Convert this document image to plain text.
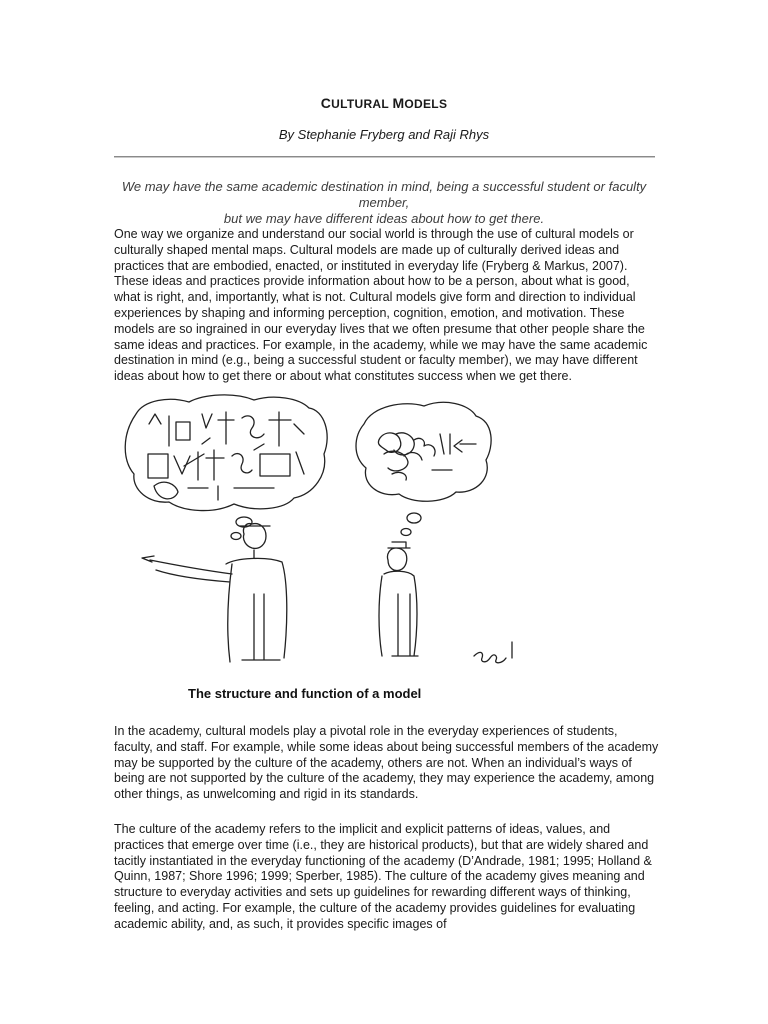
CULTURAL MODELS
By Stephanie Fryberg and Raji Rhys
We may have the same academic destination in mind, being a successful student or faculty member,
but we may have different ideas about how to get there.

One way we organize and understand our social world is through the use of cultural models or culturally shaped mental maps. Cultural models are made up of culturally derived ideas and practices that are embodied, enacted, or instituted in everyday life (Fryberg & Markus, 2007). These ideas and practices provide information about how to be a person, about what is good, what is right, and, importantly, what is not. Cultural models give form and direction to individual experiences by shaping and informing perception, cognition, emotion, and motivation. These models are so ingrained in our everyday lives that we often presume that other people share the same ideas and practices. For example, in the academy, while we may have the same academic destination in mind (e.g., being a successful student or faculty member), we may have different ideas about how to get there or about what constitutes success when we get there.

The structure and function of a model

In the academy, cultural models play a pivotal role in the everyday experiences of students, faculty, and staff. For example, while some ideas about being successful members of the academy may be supported by the culture of the academy, others are not. When an individual’s ways of being are not supported by the culture of the academy, they may experience the academy, among other things, as unwelcoming and rigid in its standards.

The culture of the academy refers to the implicit and explicit patterns of ideas, values, and practices that emerge over time (i.e., they are historical products), but that are widely shared and tacitly instantiated in the everyday functioning of the academy (D’Andrade, 1981; 1995; Holland & Quinn, 1987; Shore 1996; 1999; Sperber, 1985). The culture of the academy gives meaning and structure to everyday activities and sets up guidelines for rewarding different ways of thinking, feeling, and acting. For example, the culture of the academy provides guidelines for evaluating academic ability, and, as such, it provides specific images of
